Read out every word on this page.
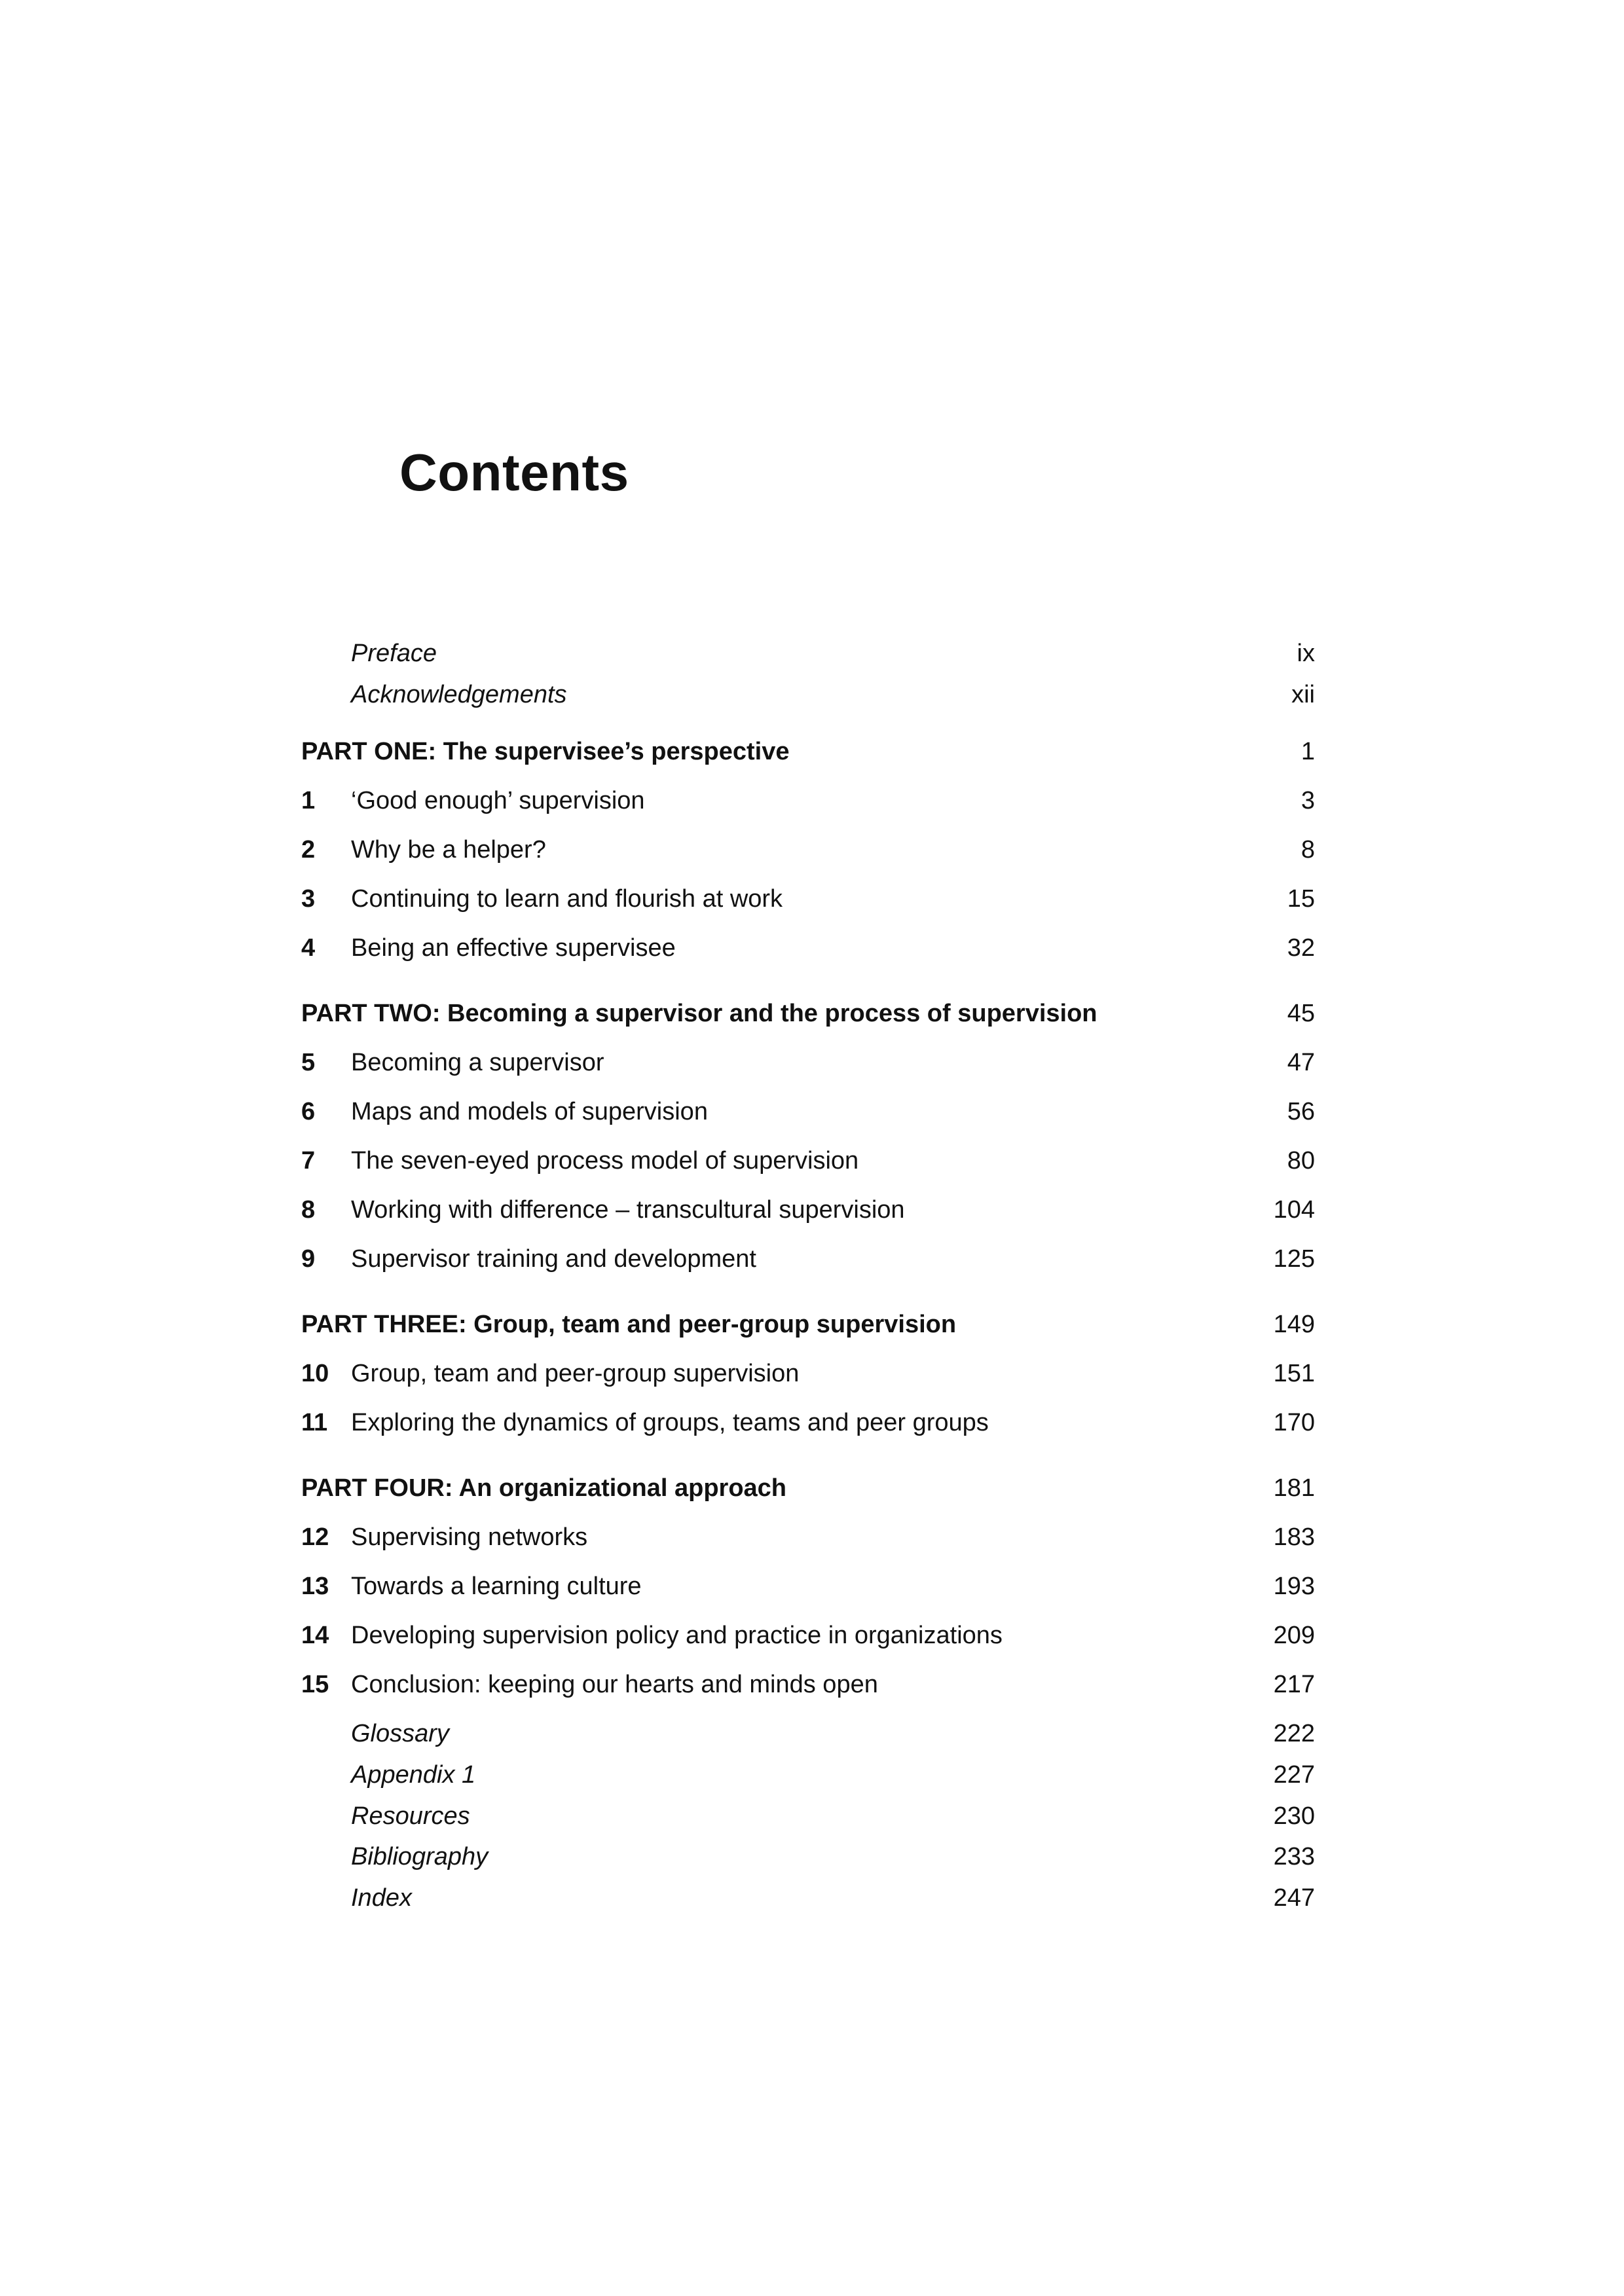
Contents
Preface	ix
Acknowledgements	xii
PART ONE: The supervisee’s perspective	1
1 ‘Good enough’ supervision	3
2 Why be a helper?	8
3 Continuing to learn and flourish at work	15
4 Being an effective supervisee	32
PART TWO: Becoming a supervisor and the process of supervision	45
5 Becoming a supervisor	47
6 Maps and models of supervision	56
7 The seven-eyed process model of supervision	80
8 Working with difference – transcultural supervision	104
9 Supervisor training and development	125
PART THREE: Group, team and peer-group supervision	149
10 Group, team and peer-group supervision	151
11 Exploring the dynamics of groups, teams and peer groups	170
PART FOUR: An organizational approach	181
12 Supervising networks	183
13 Towards a learning culture	193
14 Developing supervision policy and practice in organizations	209
15 Conclusion: keeping our hearts and minds open	217
Glossary	222
Appendix 1	227
Resources	230
Bibliography	233
Index	247
